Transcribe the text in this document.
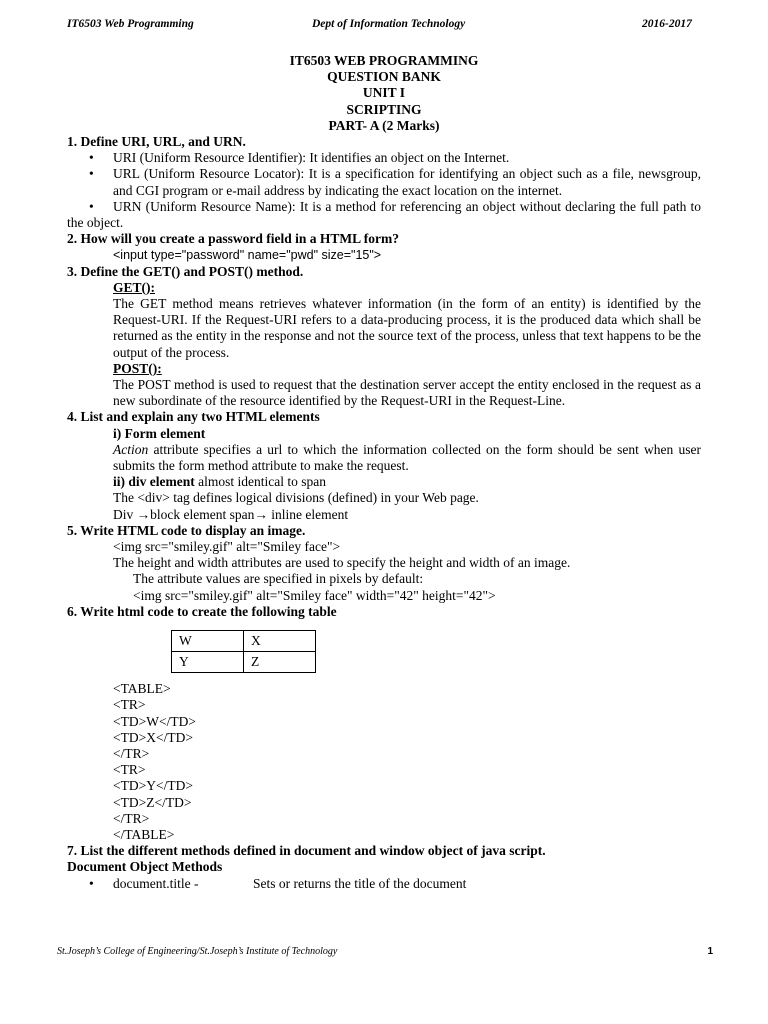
IT6503 Web Programming	Dept of Information Technology	2016-2017
IT6503 WEB PROGRAMMING
QUESTION BANK
UNIT I
SCRIPTING
PART- A (2 Marks)
1. Define URI, URL, and URN.
• URI (Uniform Resource Identifier): It identifies an object on the Internet.
• URL (Uniform Resource Locator): It is a specification for identifying an object such as a file, newsgroup, and CGI program or e-mail address by indicating the exact location on the internet.
• URN (Uniform Resource Name): It is a method for referencing an object without declaring the full path to the object.
2. How will you create a password field in a HTML form?
<input type="password" name="pwd" size="15">
3. Define the GET() and POST() method.
GET():
The GET method means retrieves whatever information (in the form of an entity) is identified by the Request-URI. If the Request-URI refers to a data-producing process, it is the produced data which shall be returned as the entity in the response and not the source text of the process, unless that text happens to be the output of the process.
POST():
The POST method is used to request that the destination server accept the entity enclosed in the request as a new subordinate of the resource identified by the Request-URI in the Request-Line.
4. List and explain any two HTML elements
i) Form element
Action attribute specifies a url to which the information collected on the form should be sent when user submits the form method attribute to make the request.
ii) div element almost identical to span
The <div> tag defines logical divisions (defined) in your Web page.
Div →block element span→ inline element
5. Write HTML code to display an image.
<img src="smiley.gif" alt="Smiley face">
The height and width attributes are used to specify the height and width of an image.
The attribute values are specified in pixels by default:
<img src="smiley.gif" alt="Smiley face" width="42" height="42">
6. Write html code to create the following table
W	X
Y	Z
<TABLE>
<TR>
<TD>W</TD>
<TD>X</TD>
</TR>
<TR>
<TD>Y</TD>
<TD>Z</TD>
</TR>
</TABLE>
7. List the different methods defined in document and window object of java script.
Document Object Methods
• document.title -	Sets or returns the title of the document
St.Joseph’s College of Engineering/St.Joseph’s Institute of Technology	1
